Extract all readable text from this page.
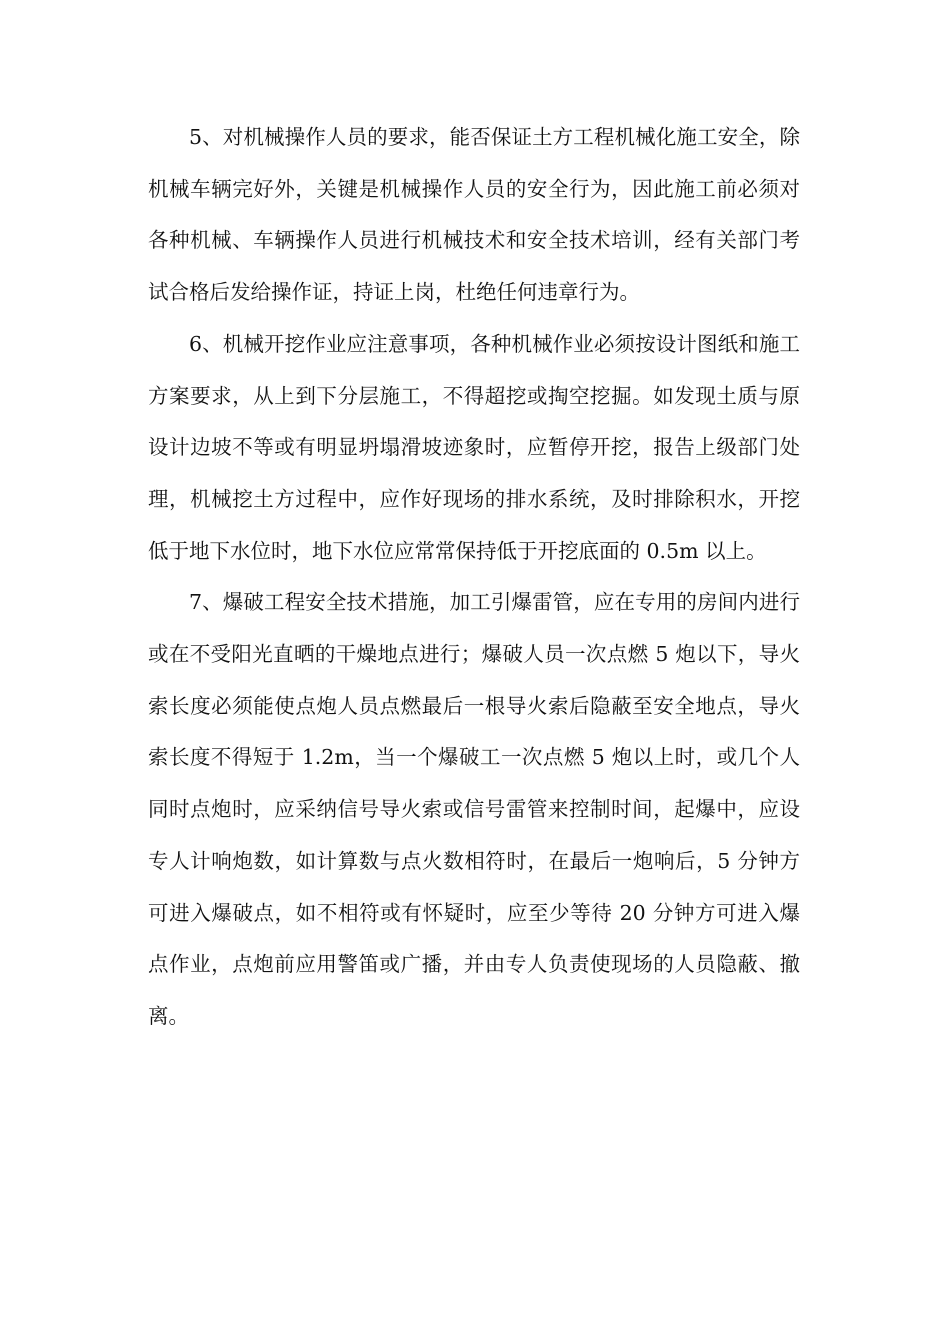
5、对机械操作人员的要求，能否保证土方工程机械化施工安全，除机械车辆完好外，关键是机械操作人员的安全行为，因此施工前必须对各种机械、车辆操作人员进行机械技术和安全技术培训，经有关部门考试合格后发给操作证，持证上岗，杜绝任何违章行为。

6、机械开挖作业应注意事项，各种机械作业必须按设计图纸和施工方案要求，从上到下分层施工，不得超挖或掏空挖掘。如发现土质与原设计边坡不等或有明显坍塌滑坡迹象时，应暂停开挖，报告上级部门处理，机械挖土方过程中，应作好现场的排水系统，及时排除积水，开挖低于地下水位时，地下水位应常常保持低于开挖底面的 0.5m 以上。

7、爆破工程安全技术措施，加工引爆雷管，应在专用的房间内进行或在不受阳光直晒的干燥地点进行；爆破人员一次点燃 5 炮以下，导火索长度必须能使点炮人员点燃最后一根导火索后隐蔽至安全地点，导火索长度不得短于 1.2m，当一个爆破工一次点燃 5 炮以上时，或几个人同时点炮时，应采纳信号导火索或信号雷管来控制时间，起爆中，应设专人计响炮数，如计算数与点火数相符时，在最后一炮响后，5 分钟方可进入爆破点，如不相符或有怀疑时，应至少等待 20 分钟方可进入爆点作业，点炮前应用警笛或广播，并由专人负责使现场的人员隐蔽、撤离。
